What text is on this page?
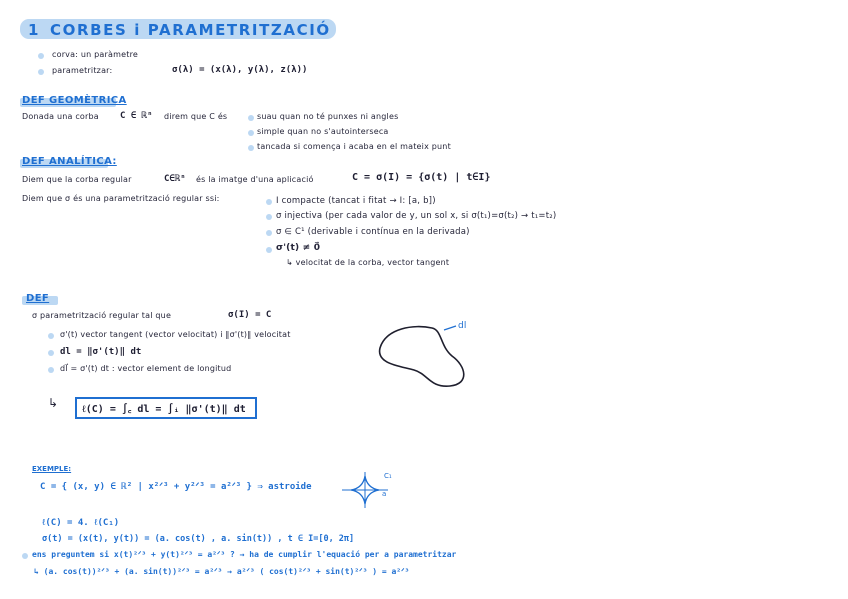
1 CORBES i PARAMETRITZACIÓ
corva: un paràmetre
parametritzar:	σ(λ) = (x(λ), y(λ), z(λ))
DEF GEOMÈTRICA
Donada una corba C ∈ ℝⁿ direm que C és	suau quan no té punxes ni angles
simple quan no s'autointerseca
tancada si comença i acaba en el mateix punt
DEF ANALÍTICA:
Diem que la corba regular	C∈ℝⁿ és la imatge d'una aplicació	C = σ(I) = {σ(t) | t∈I}
Diem que σ és una parametrització regular ssi:	I compacte (tancat i fitat → I: [a, b])
σ injectiva (per cada valor de y, un sol x, si σ(t₁)=σ(t₂) → t₁=t₂)
σ ∈ C¹ (derivable i contínua en la derivada)
σ'(t) ≠ 0⃗
↳ velocitat de la corba, vector tangent
DEF
σ parametrització regular tal que	σ(I) = C
σ'(t) vector tangent (vector velocitat) i ‖σ'(t)‖ velocitat
dl = ‖σ'(t)‖ dt
dl⃗ = σ'(t) dt : vector element de longitud
↳ ℓ(C) = ∫꜀ dl = ∫ᵢ ‖σ'(t)‖ dt
dl
EXEMPLE:
C = { (x, y) ∈ ℝ² | x²ᐟ³ + y²ᐟ³ = a²ᐟ³ } ⇒ astroide
C₁
a
ℓ(C) = 4. ℓ(C₁)
σ(t) = (x(t), y(t)) = (a. cos(t) , a. sin(t)) , t ∈ I=[0, 2π]
ens preguntem si x(t)²ᐟ³ + y(t)²ᐟ³ = a²ᐟ³ ? → ha de cumplir l'equació per a parametritzar
↳ (a. cos(t))²ᐟ³ + (a. sin(t))²ᐟ³ = a²ᐟ³ → a²ᐟ³ ( cos(t)²ᐟ³ + sin(t)²ᐟ³ ) = a²ᐟ³
